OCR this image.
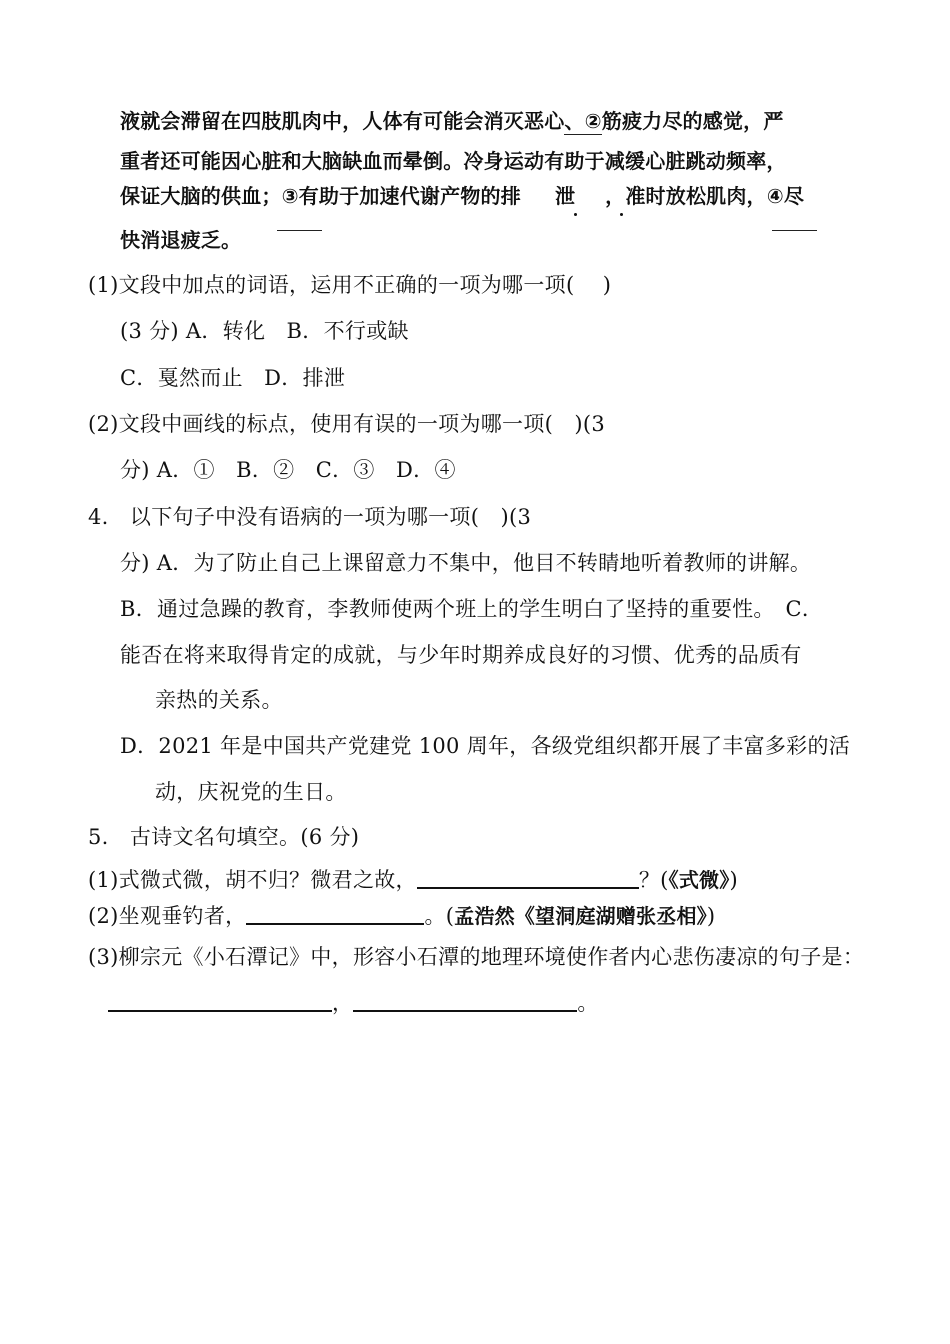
液就会滞留在四肢肌肉中，人体有可能会消灭恶心、②筋疲力尽的感觉，严
重者还可能因心脏和大脑缺血而晕倒。冷身运动有助于减缓心脏跳动频率，
保证大脑的供血；③有助于加速代谢产物的排 泄 ，准时放松肌肉，④尽
快消退疲乏。
(1)文段中加点的词语，运用不正确的一项为哪一项(　 )
(3 分) A．转化　B．不行或缺
C．戛然而止　D．排泄
(2)文段中画线的标点，使用有误的一项为哪一项(　)(3
分) A．①　B．②　C．③　D．④
4.　以下句子中没有语病的一项为哪一项(　)(3
分) A．为了防止自己上课留意力不集中，他目不转睛地听着教师的讲解。
B．通过急躁的教育，李教师使两个班上的学生明白了坚持的重要性。　C．
能否在将来取得肯定的成就，与少年时期养成良好的习惯、优秀的品质有
亲热的关系。
D．2021 年是中国共产党建党 100 周年，各级党组织都开展了丰富多彩的活
动，庆祝党的生日。
5.　古诗文名句填空。(6 分)
(1)式微式微，胡不归？微君之故，	？(《式微》)
(2)坐观垂钓者，	。(孟浩然《望洞庭湖赠张丞相》)
(3)柳宗元《小石潭记》中，形容小石潭的地理环境使作者内心悲伤凄凉的句子是：
，	。
